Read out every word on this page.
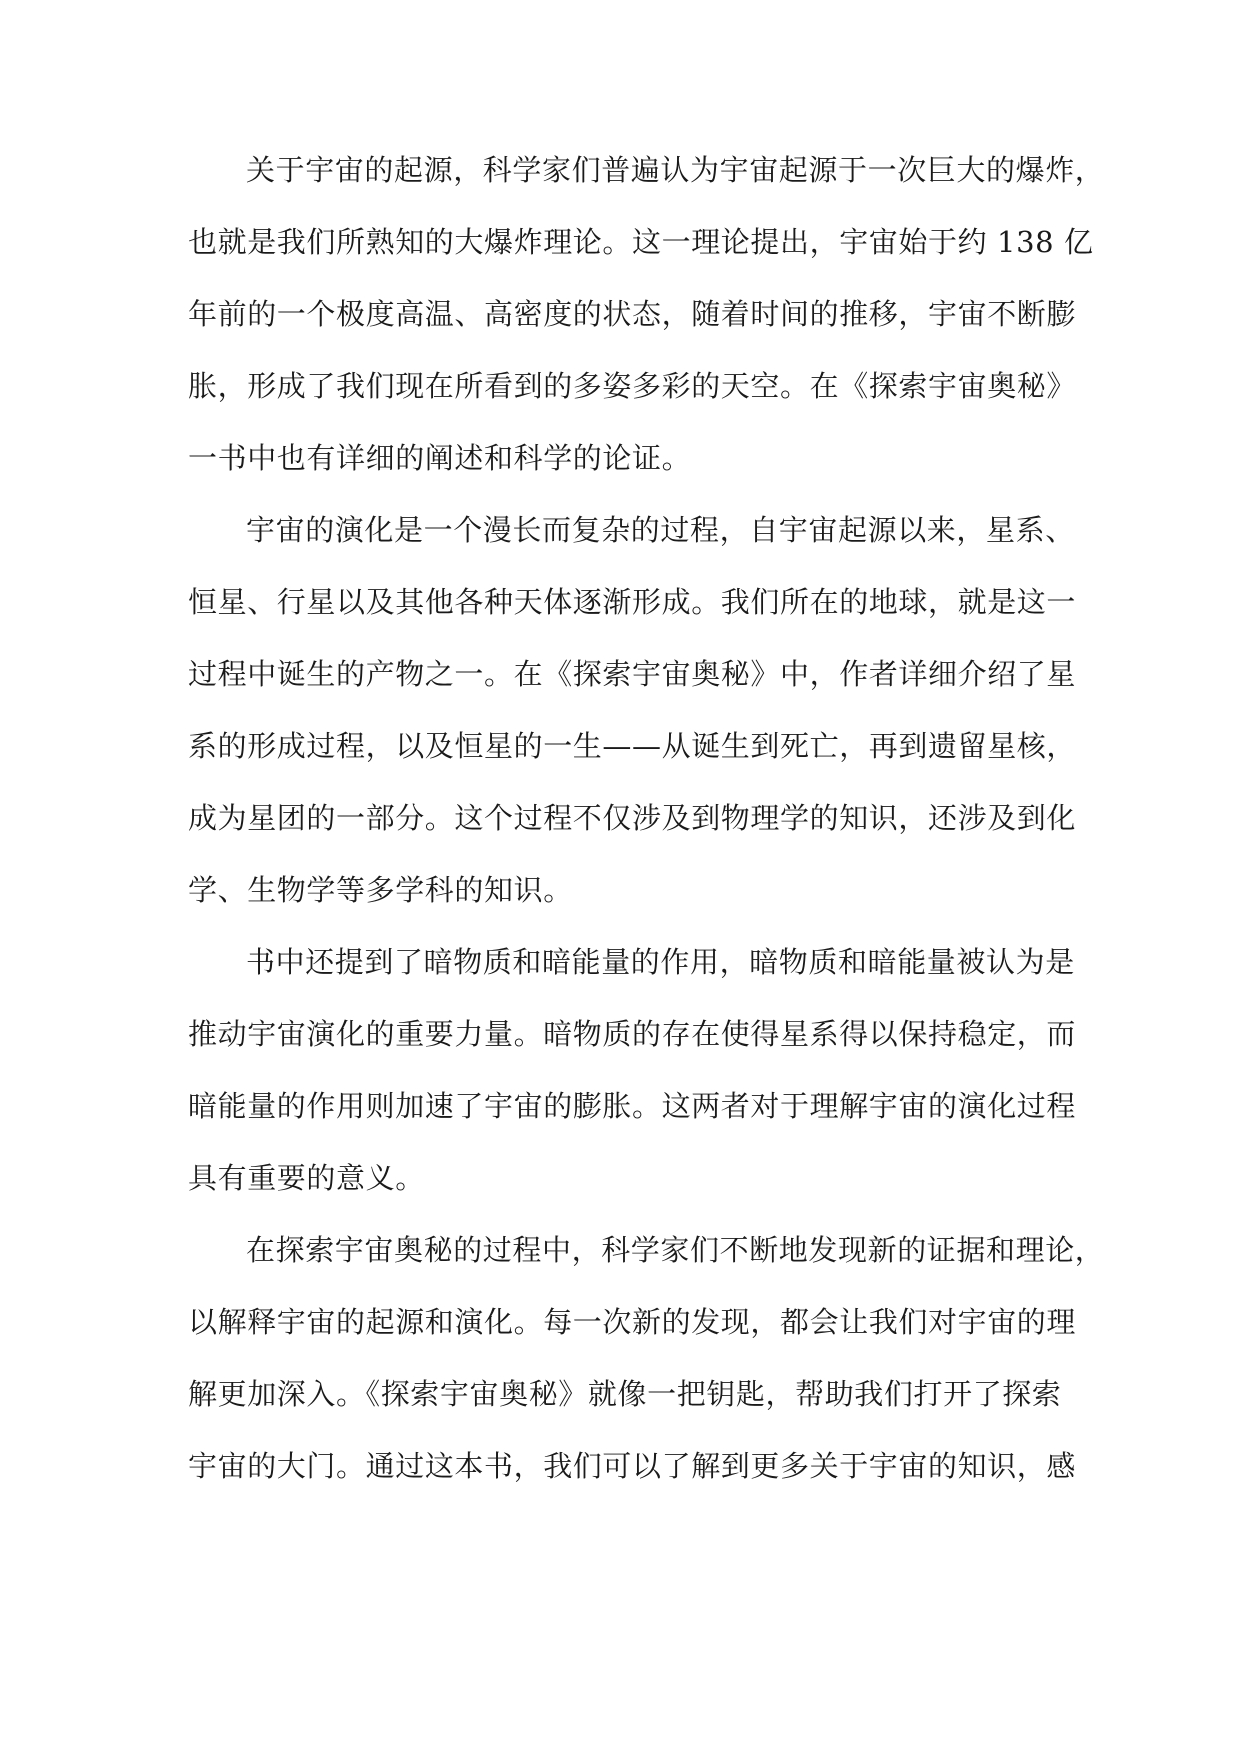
关于宇宙的起源，科学家们普遍认为宇宙起源于一次巨大的爆炸，
也就是我们所熟知的大爆炸理论。这一理论提出，宇宙始于约 138 亿
年前的一个极度高温、高密度的状态，随着时间的推移，宇宙不断膨
胀，形成了我们现在所看到的多姿多彩的天空。在《探索宇宙奥秘》
一书中也有详细的阐述和科学的论证。
宇宙的演化是一个漫长而复杂的过程，自宇宙起源以来，星系、
恒星、行星以及其他各种天体逐渐形成。我们所在的地球，就是这一
过程中诞生的产物之一。在《探索宇宙奥秘》中，作者详细介绍了星
系的形成过程，以及恒星的一生——从诞生到死亡，再到遗留星核，
成为星团的一部分。这个过程不仅涉及到物理学的知识，还涉及到化
学、生物学等多学科的知识。
书中还提到了暗物质和暗能量的作用，暗物质和暗能量被认为是
推动宇宙演化的重要力量。暗物质的存在使得星系得以保持稳定，而
暗能量的作用则加速了宇宙的膨胀。这两者对于理解宇宙的演化过程
具有重要的意义。
在探索宇宙奥秘的过程中，科学家们不断地发现新的证据和理论，
以解释宇宙的起源和演化。每一次新的发现，都会让我们对宇宙的理
解更加深入。《探索宇宙奥秘》就像一把钥匙，帮助我们打开了探索
宇宙的大门。通过这本书，我们可以了解到更多关于宇宙的知识，感
